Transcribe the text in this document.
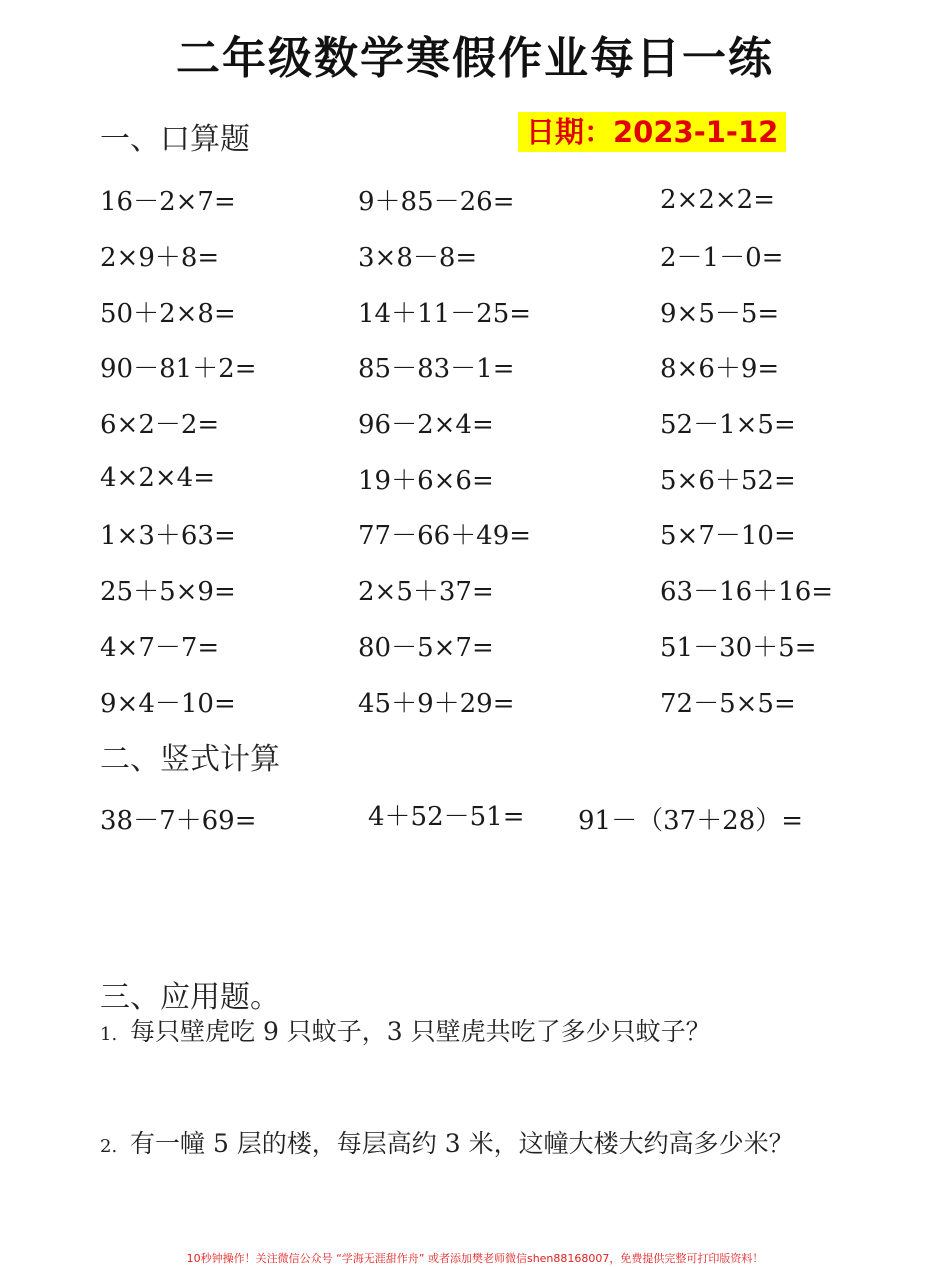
二年级数学寒假作业每日一练
一、口算题	日期：2023-1-12
16－2×7=	9＋85－26=	2×2×2=
2×9＋8=	3×8－8=	2－1－0=
50＋2×8=	14＋11－25=	9×5－5=
90－81＋2=	85－83－1=	8×6＋9=
6×2－2=	96－2×4=	52－1×5=
4×2×4=	19＋6×6=	5×6＋52=
1×3＋63=	77－66＋49=	5×7－10=
25＋5×9=	2×5＋37=	63－16＋16=
4×7－7=	80－5×7=	51－30＋5=
9×4－10=	45＋9＋29=	72－5×5=
二、竖式计算
38－7＋69=	4＋52－51= 91－（37＋28）=
三、应用题。
1. 每只壁虎吃 9 只蚊子，3 只壁虎共吃了多少只蚊子？
2. 有一幢 5 层的楼，每层高约 3 米，这幢大楼大约高多少米？
10秒钟操作！关注微信公众号 “学海无涯甜作舟” 或者添加樊老师微信shen88168007，免费提供完整可打印版资料！
